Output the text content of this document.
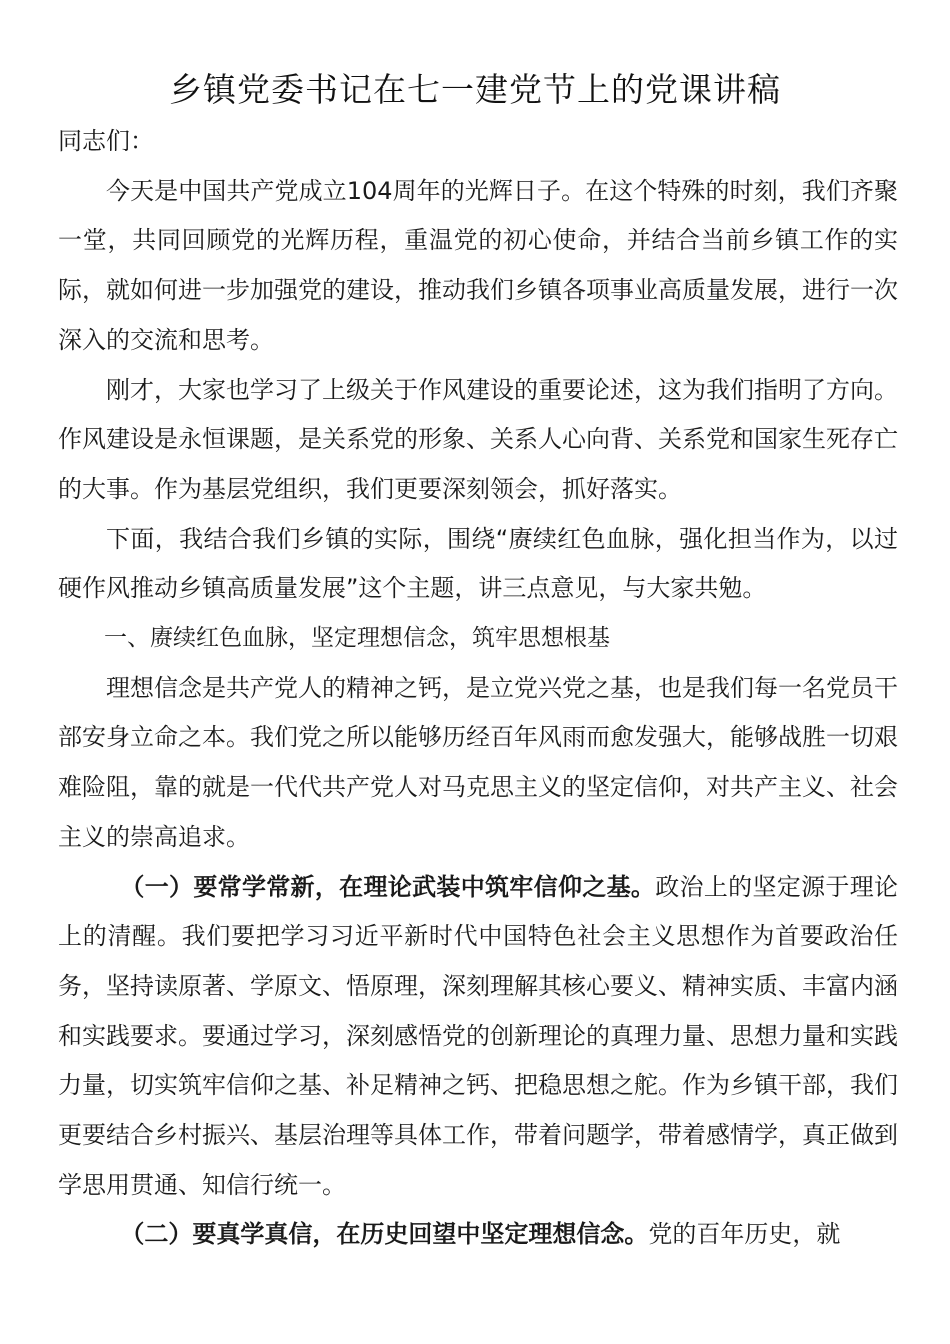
乡镇党委书记在七一建党节上的党课讲稿

同志们：

今天是中国共产党成立104周年的光辉日子。在这个特殊的时刻，我们齐聚一堂，共同回顾党的光辉历程，重温党的初心使命，并结合当前乡镇工作的实际，就如何进一步加强党的建设，推动我们乡镇各项事业高质量发展，进行一次深入的交流和思考。

刚才，大家也学习了上级关于作风建设的重要论述，这为我们指明了方向。作风建设是永恒课题，是关系党的形象、关系人心向背、关系党和国家生死存亡的大事。作为基层党组织，我们更要深刻领会，抓好落实。

下面，我结合我们乡镇的实际，围绕“赓续红色血脉，强化担当作为，以过硬作风推动乡镇高质量发展”这个主题，讲三点意见，与大家共勉。

一、赓续红色血脉，坚定理想信念，筑牢思想根基

理想信念是共产党人的精神之钙，是立党兴党之基，也是我们每一名党员干部安身立命之本。我们党之所以能够历经百年风雨而愈发强大，能够战胜一切艰难险阻，靠的就是一代代共产党人对马克思主义的坚定信仰，对共产主义、社会主义的崇高追求。

（一）要常学常新，在理论武装中筑牢信仰之基。政治上的坚定源于理论上的清醒。我们要把学习习近平新时代中国特色社会主义思想作为首要政治任务，坚持读原著、学原文、悟原理，深刻理解其核心要义、精神实质、丰富内涵和实践要求。要通过学习，深刻感悟党的创新理论的真理力量、思想力量和实践力量，切实筑牢信仰之基、补足精神之钙、把稳思想之舵。作为乡镇干部，我们更要结合乡村振兴、基层治理等具体工作，带着问题学，带着感情学，真正做到学思用贯通、知信行统一。

（二）要真学真信，在历史回望中坚定理想信念。党的百年历史，就
